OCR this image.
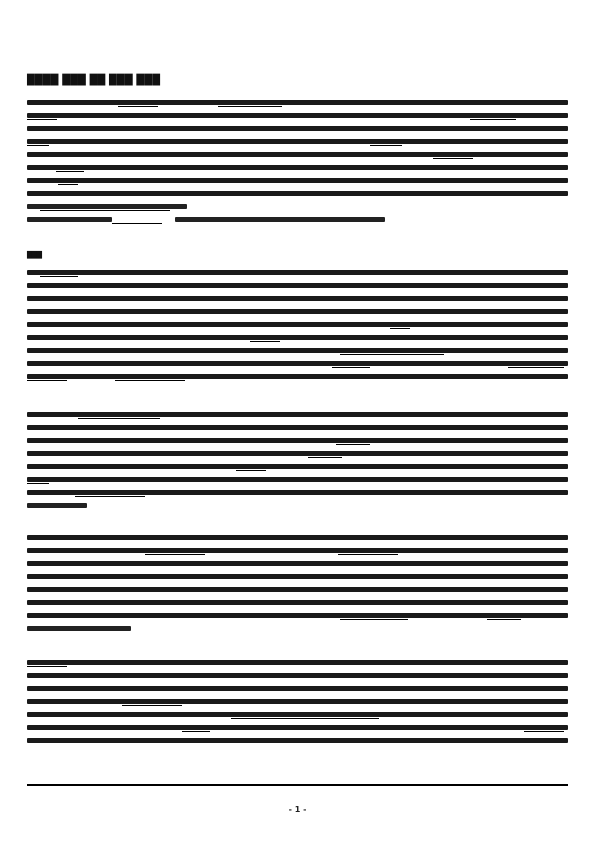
████ ███ ██ ███ ███
███
- 1 -
